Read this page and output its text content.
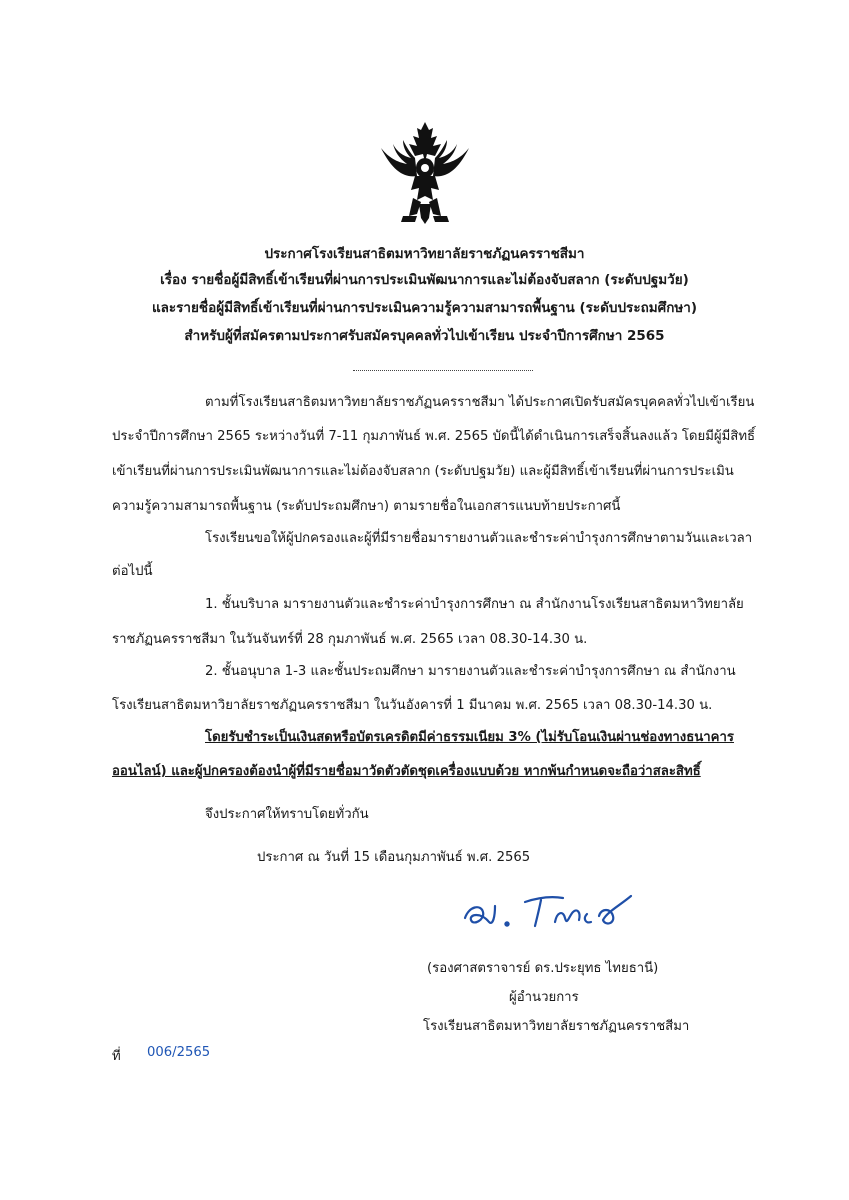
ประกาศโรงเรียนสาธิตมหาวิทยาลัยราชภัฏนครราชสีมา
เรื่อง รายชื่อผู้มีสิทธิ์เข้าเรียนที่ผ่านการประเมินพัฒนาการและไม่ต้องจับสลาก (ระดับปฐมวัย)
และรายชื่อผู้มีสิทธิ์เข้าเรียนที่ผ่านการประเมินความรู้ความสามารถพื้นฐาน (ระดับประถมศึกษา)
สำหรับผู้ที่สมัครตามประกาศรับสมัครบุคคลทั่วไปเข้าเรียน ประจำปีการศึกษา 2565
ตามที่โรงเรียนสาธิตมหาวิทยาลัยราชภัฏนครราชสีมา ได้ประกาศเปิดรับสมัครบุคคลทั่วไปเข้าเรียน
ประจำปีการศึกษา 2565 ระหว่างวันที่ 7-11 กุมภาพันธ์ พ.ศ. 2565 บัดนี้ได้ดำเนินการเสร็จสิ้นลงแล้ว โดยมีผู้มีสิทธิ์
เข้าเรียนที่ผ่านการประเมินพัฒนาการและไม่ต้องจับสลาก (ระดับปฐมวัย) และผู้มีสิทธิ์เข้าเรียนที่ผ่านการประเมิน
ความรู้ความสามารถพื้นฐาน (ระดับประถมศึกษา) ตามรายชื่อในเอกสารแนบท้ายประกาศนี้
โรงเรียนขอให้ผู้ปกครองและผู้ที่มีรายชื่อมารายงานตัวและชำระค่าบำรุงการศึกษาตามวันและเวลา
ต่อไปนี้
1. ชั้นบริบาล มารายงานตัวและชำระค่าบำรุงการศึกษา ณ สำนักงานโรงเรียนสาธิตมหาวิทยาลัย
ราชภัฏนครราชสีมา ในวันจันทร์ที่ 28 กุมภาพันธ์ พ.ศ. 2565 เวลา 08.30-14.30 น.
2. ชั้นอนุบาล 1-3 และชั้นประถมศึกษา มารายงานตัวและชำระค่าบำรุงการศึกษา ณ สำนักงาน
โรงเรียนสาธิตมหาวิยาลัยราชภัฏนครราชสีมา ในวันอังคารที่ 1 มีนาคม พ.ศ. 2565 เวลา 08.30-14.30 น.
โดยรับชำระเป็นเงินสดหรือบัตรเครดิตมีค่าธรรมเนียม 3% (ไม่รับโอนเงินผ่านช่องทางธนาคาร
ออนไลน์) และผู้ปกครองต้องนำผู้ที่มีรายชื่อมาวัดตัวตัดชุดเครื่องแบบด้วย หากพ้นกำหนดจะถือว่าสละสิทธิ์
จึงประกาศให้ทราบโดยทั่วกัน
ประกาศ ณ วันที่ 15 เดือนกุมภาพันธ์ พ.ศ. 2565
(รองศาสตราจารย์ ดร.ประยุทธ ไทยธานี)
ผู้อำนวยการ
โรงเรียนสาธิตมหาวิทยาลัยราชภัฏนครราชสีมา
ที่ 006/2565
